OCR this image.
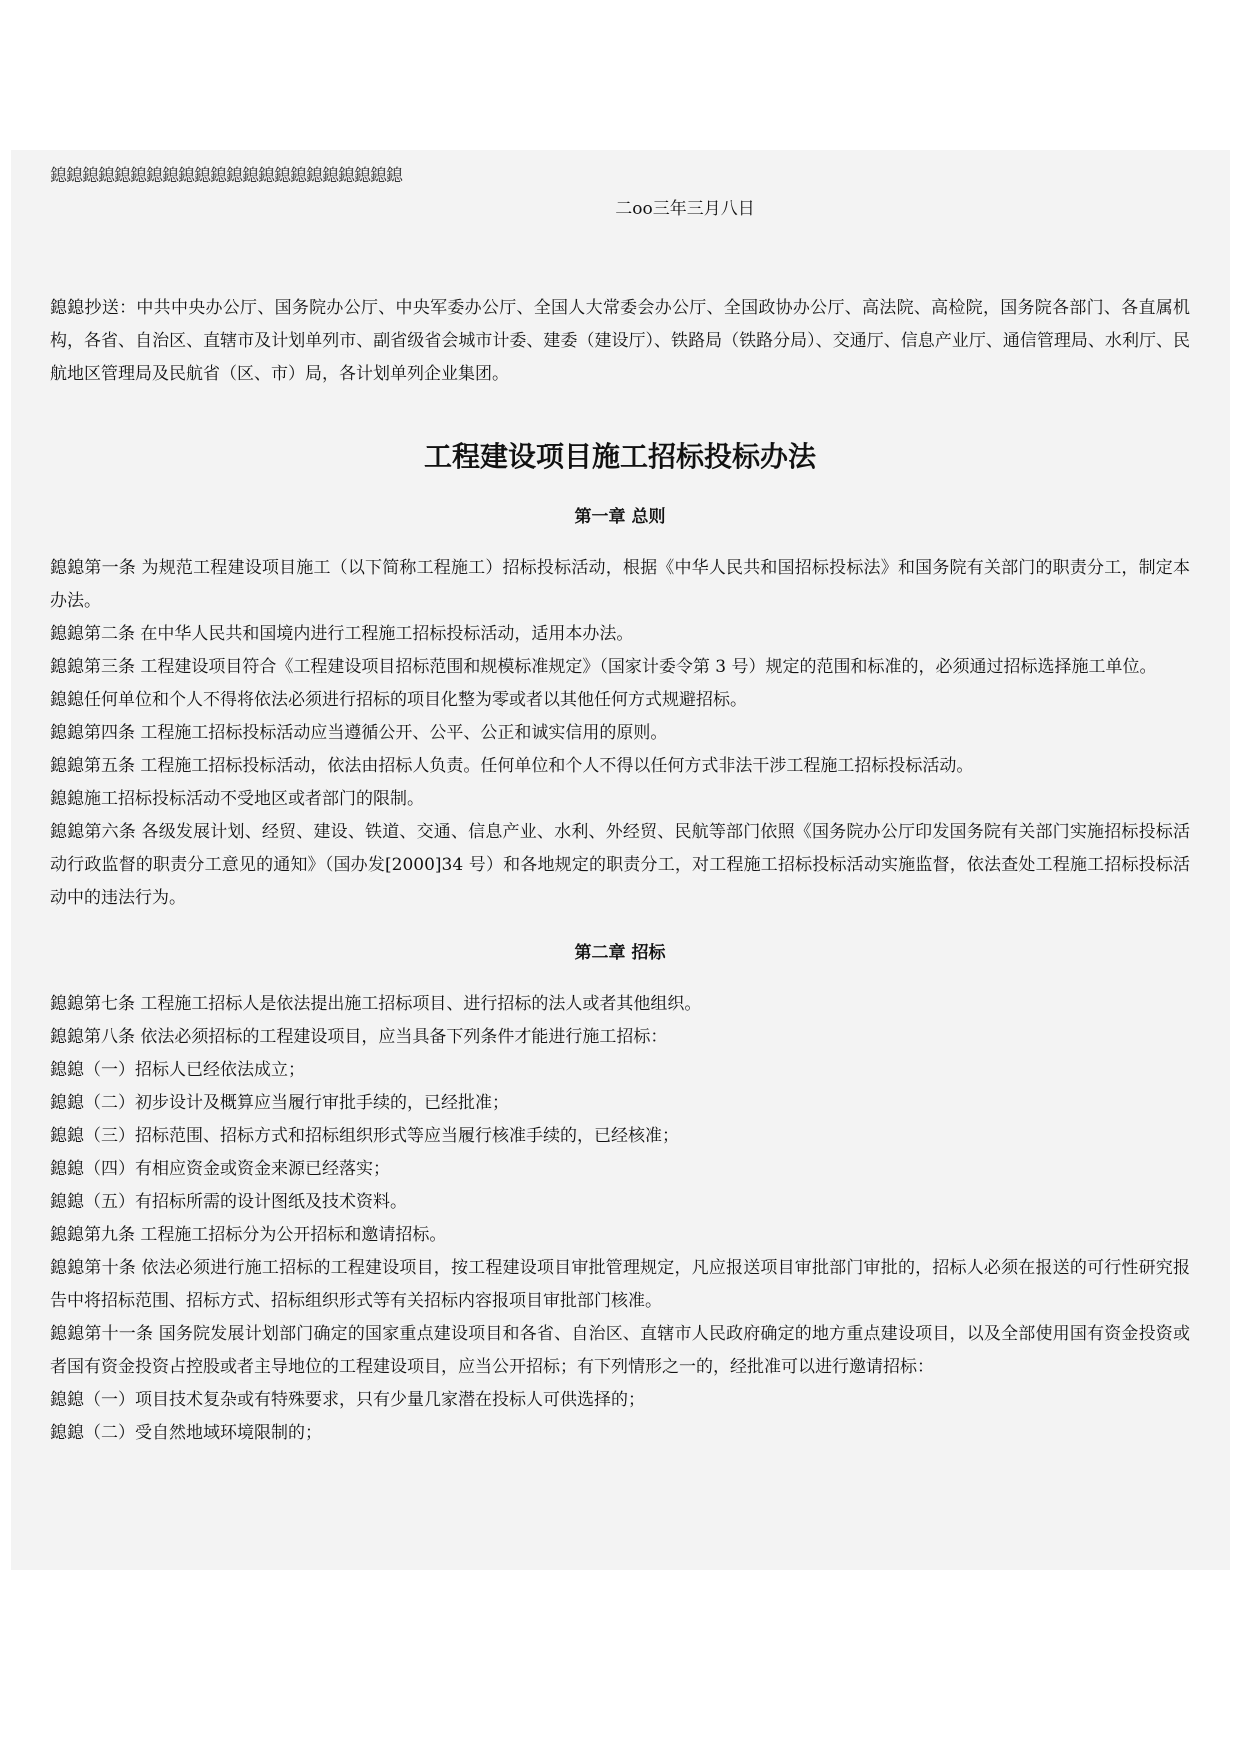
鎴鎴鎴鎴鎴鎴鎴鎴鎴鎴鎴鎴鎴鎴鎴鎴鎴鎴鎴鎴鎴鎴

二oo三年三月八日

鎴鎴抄送：中共中央办公厅、国务院办公厅、中央军委办公厅、全国人大常委会办公厅、全国政协办公厅、高法院、高检院，国务院各部门、各直属机构，各省、自治区、直辖市及计划单列市、副省级省会城市计委、建委（建设厅）、铁路局（铁路分局）、交通厅、信息产业厅、通信管理局、水利厅、民航地区管理局及民航省（区、市）局，各计划单列企业集团。

工程建设项目施工招标投标办法
第一章 总则

鎴鎴第一条 为规范工程建设项目施工（以下简称工程施工）招标投标活动，根据《中华人民共和国招标投标法》和国务院有关部门的职责分工，制定本办法。

鎴鎴第二条 在中华人民共和国境内进行工程施工招标投标活动，适用本办法。

鎴鎴第三条 工程建设项目符合《工程建设项目招标范围和规模标准规定》（国家计委令第 3 号）规定的范围和标准的，必须通过招标选择施工单位。

鎴鎴任何单位和个人不得将依法必须进行招标的项目化整为零或者以其他任何方式规避招标。

鎴鎴第四条 工程施工招标投标活动应当遵循公开、公平、公正和诚实信用的原则。

鎴鎴第五条 工程施工招标投标活动，依法由招标人负责。任何单位和个人不得以任何方式非法干涉工程施工招标投标活动。

鎴鎴施工招标投标活动不受地区或者部门的限制。

鎴鎴第六条 各级发展计划、经贸、建设、铁道、交通、信息产业、水利、外经贸、民航等部门依照《国务院办公厅印发国务院有关部门实施招标投标活动行政监督的职责分工意见的通知》（国办发[2000]34 号）和各地规定的职责分工，对工程施工招标投标活动实施监督，依法查处工程施工招标投标活动中的违法行为。

第二章 招标

鎴鎴第七条 工程施工招标人是依法提出施工招标项目、进行招标的法人或者其他组织。

鎴鎴第八条 依法必须招标的工程建设项目，应当具备下列条件才能进行施工招标：

鎴鎴（一）招标人已经依法成立；

鎴鎴（二）初步设计及概算应当履行审批手续的，已经批准；

鎴鎴（三）招标范围、招标方式和招标组织形式等应当履行核准手续的，已经核准；

鎴鎴（四）有相应资金或资金来源已经落实；

鎴鎴（五）有招标所需的设计图纸及技术资料。

鎴鎴第九条 工程施工招标分为公开招标和邀请招标。

鎴鎴第十条 依法必须进行施工招标的工程建设项目，按工程建设项目审批管理规定，凡应报送项目审批部门审批的，招标人必须在报送的可行性研究报告中将招标范围、招标方式、招标组织形式等有关招标内容报项目审批部门核准。

鎴鎴第十一条 国务院发展计划部门确定的国家重点建设项目和各省、自治区、直辖市人民政府确定的地方重点建设项目，以及全部使用国有资金投资或者国有资金投资占控股或者主导地位的工程建设项目，应当公开招标；有下列情形之一的，经批准可以进行邀请招标：

鎴鎴（一）项目技术复杂或有特殊要求，只有少量几家潜在投标人可供选择的；

鎴鎴（二）受自然地域环境限制的；
